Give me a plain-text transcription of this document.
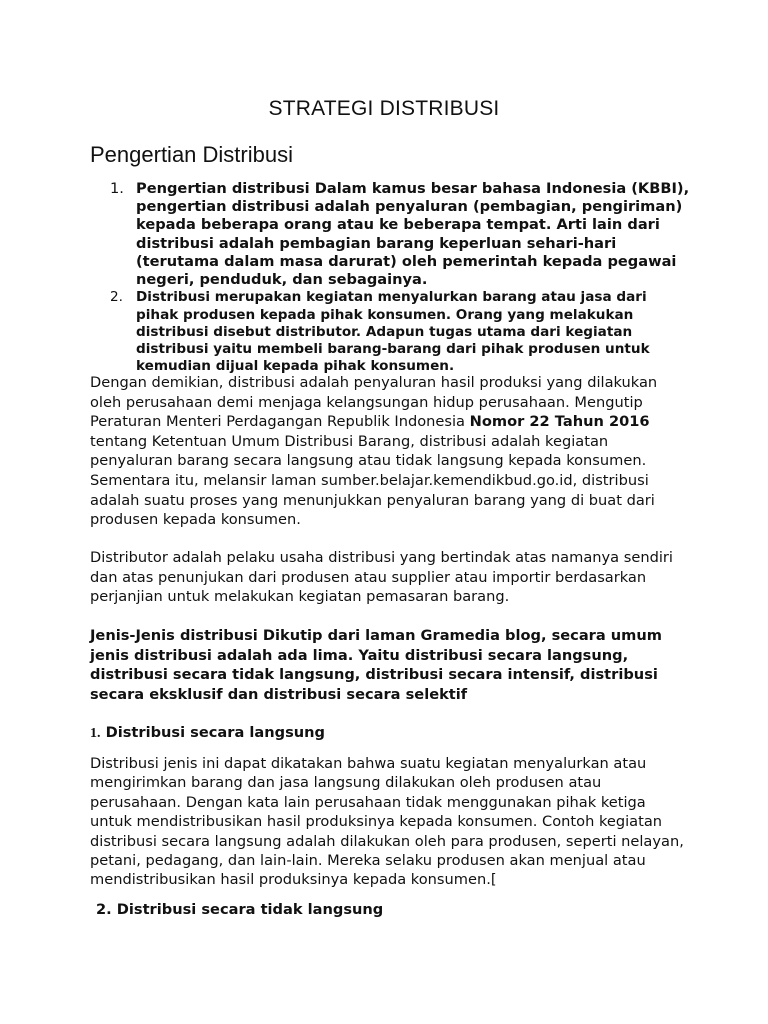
STRATEGI DISTRIBUSI
Pengertian Distribusi
1. Pengertian distribusi Dalam kamus besar bahasa Indonesia (KBBI), pengertian distribusi adalah penyaluran (pembagian, pengiriman) kepada beberapa orang atau ke beberapa tempat. Arti lain dari distribusi adalah pembagian barang keperluan sehari-hari (terutama dalam masa darurat) oleh pemerintah kepada pegawai negeri, penduduk, dan sebagainya.
2. Distribusi merupakan kegiatan menyalurkan barang atau jasa dari pihak produsen kepada pihak konsumen. Orang yang melakukan distribusi disebut distributor. Adapun tugas utama dari kegiatan distribusi yaitu membeli barang-barang dari pihak produsen untuk kemudian dijual kepada pihak konsumen.

Dengan demikian, distribusi adalah penyaluran hasil produksi yang dilakukan oleh perusahaan demi menjaga kelangsungan hidup perusahaan. Mengutip Peraturan Menteri Perdagangan Republik Indonesia Nomor 22 Tahun 2016 tentang Ketentuan Umum Distribusi Barang, distribusi adalah kegiatan penyaluran barang secara langsung atau tidak langsung kepada konsumen. Sementara itu, melansir laman sumber.belajar.kemendikbud.go.id, distribusi adalah suatu proses yang menunjukkan penyaluran barang yang di buat dari produsen kepada konsumen.

Distributor adalah pelaku usaha distribusi yang bertindak atas namanya sendiri dan atas penunjukan dari produsen atau supplier atau importir berdasarkan perjanjian untuk melakukan kegiatan pemasaran barang.

Jenis-Jenis distribusi Dikutip dari laman Gramedia blog, secara umum jenis distribusi adalah ada lima. Yaitu distribusi secara langsung, distribusi secara tidak langsung, distribusi secara intensif, distribusi secara eksklusif dan distribusi secara selektif

1. Distribusi secara langsung

Distribusi jenis ini dapat dikatakan bahwa suatu kegiatan menyalurkan atau mengirimkan barang dan jasa langsung dilakukan oleh produsen atau perusahaan. Dengan kata lain perusahaan tidak menggunakan pihak ketiga untuk mendistribusikan hasil produksinya kepada konsumen. Contoh kegiatan distribusi secara langsung adalah dilakukan oleh para produsen, seperti nelayan, petani, pedagang, dan lain-lain. Mereka selaku produsen akan menjual atau mendistribusikan hasil produksinya kepada konsumen.[

2. Distribusi secara tidak langsung
